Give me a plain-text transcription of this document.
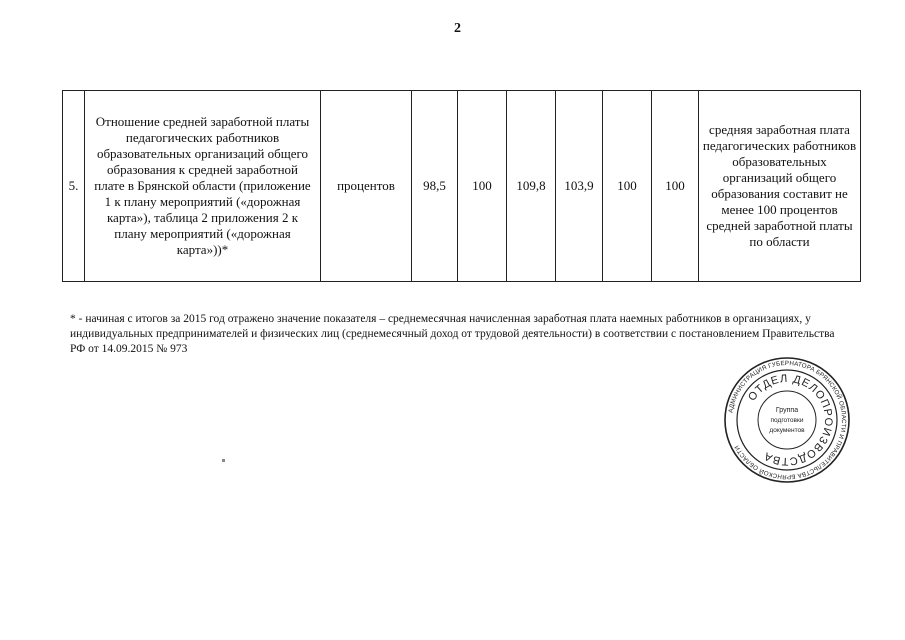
2
5.	Отношение средней заработной платы педагогических работников образовательных организаций общего образования к средней заработной плате в Брянской области (приложение 1 к плану мероприятий («дорожная карта»), таблица 2 приложения 2 к плану мероприятий («дорожная карта»))*	процентов	98,5	100	109,8	103,9	100	100	средняя заработная плата педагогических работников образовательных организаций общего образования составит не менее 100 процентов средней заработной платы по области
* - начиная с итогов за 2015 год отражено значение показателя – среднемесячная начисленная заработная плата наемных работников в организациях, у индивидуальных предпринимателей и физических лиц (среднемесячный доход от трудовой деятельности) в соответствии с постановлением Правительства РФ от 14.09.2015 № 973
АДМИНИСТРАЦИЯ ГУБЕРНАТОРА БРЯНСКОЙ ОБЛАСТИ И ПРАВИТЕЛЬСТВА БРЯНСКОЙ ОБЛАСТИ
ОТДЕЛ ДЕЛОПРОИЗВОДСТВА
Группа
подготовки
документов
